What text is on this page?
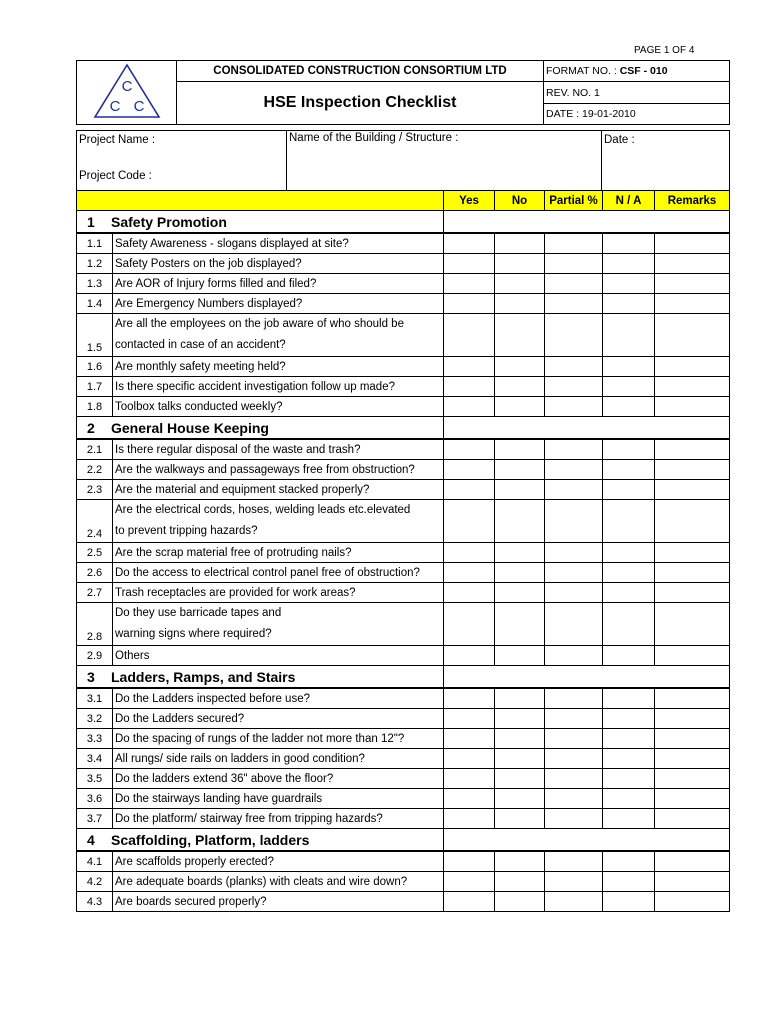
PAGE 1 OF 4
C
C C	CONSOLIDATED CONSTRUCTION CONSORTIUM LTD	FORMAT NO. : CSF - 010
	HSE Inspection Checklist	REV. NO. 1
		DATE : 19-01-2010
Project Name :
Project Code :

Name of the Building / Structure :	Date :
		Yes	No	Partial %	N / A	Remarks
1 Safety Promotion						
1.1	Safety Awareness - slogans displayed at site?					
1.2	Safety Posters on the job displayed?					
1.3	Are AOR of Injury forms filled and filed?					
1.4	Are Emergency Numbers displayed?					
1.5	Are all the employees on the job aware of who should be
contacted in case of an accident?					
1.6	Are monthly safety meeting held?					
1.7	Is there specific accident investigation follow up made?					
1.8	Toolbox talks conducted weekly?					
2 General House Keeping						
2.1	Is there regular disposal of the waste and trash?					
2.2	Are the walkways and passageways free from obstruction?					
2.3	Are the material and equipment stacked properly?					
2.4	Are the electrical cords, hoses, welding leads etc.elevated
to prevent tripping hazards?					
2.5	Are the scrap material free of protruding nails?					
2.6	Do the access to electrical control panel free of obstruction?					
2.7	Trash receptacles are provided for work areas?					
2.8	Do they use barricade tapes and
warning signs where required?					
2.9	Others					
3 Ladders, Ramps, and Stairs						
3.1	Do the Ladders inspected before use?					
3.2	Do the Ladders secured?					
3.3	Do the spacing of rungs of the ladder not more than 12"?					
3.4	All rungs/ side rails on ladders in good condition?					
3.5	Do the ladders extend 36" above the floor?					
3.6	Do the stairways landing have guardrails					
3.7	Do the platform/ stairway free from tripping hazards?					
4 Scaffolding, Platform, ladders						
4.1	Are scaffolds properly erected?					
4.2	Are adequate boards (planks) with cleats and wire down?					
4.3	Are boards secured properly?					
